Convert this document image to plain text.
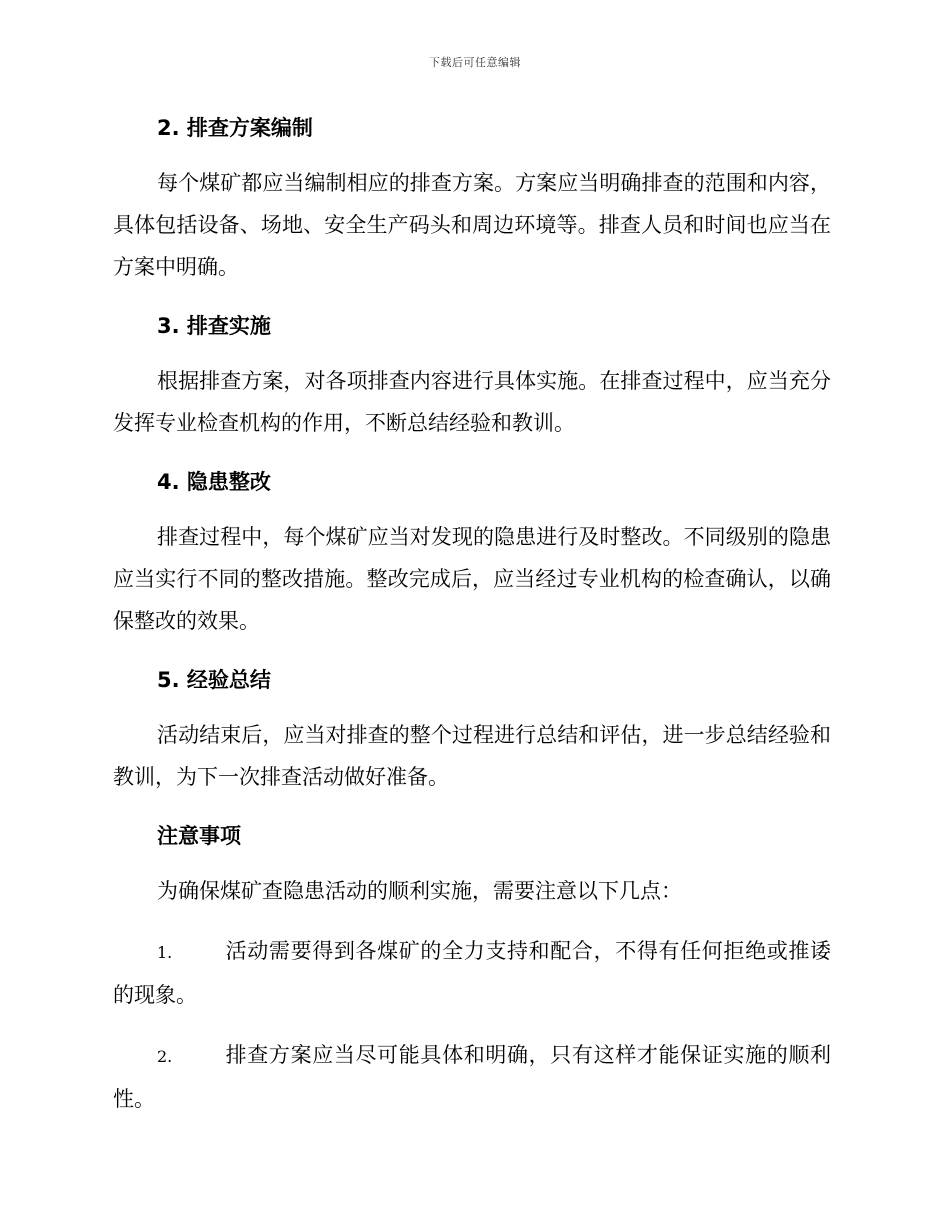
下载后可任意编辑
2. 排查方案编制

每个煤矿都应当编制相应的排查方案。方案应当明确排查的范围和内容，具体包括设备、场地、安全生产码头和周边环境等。排查人员和时间也应当在方案中明确。

3. 排查实施

根据排查方案，对各项排查内容进行具体实施。在排查过程中，应当充分发挥专业检查机构的作用，不断总结经验和教训。

4. 隐患整改

排查过程中，每个煤矿应当对发现的隐患进行及时整改。不同级别的隐患应当实行不同的整改措施。整改完成后，应当经过专业机构的检查确认，以确保整改的效果。

5. 经验总结

活动结束后，应当对排查的整个过程进行总结和评估，进一步总结经验和教训，为下一次排查活动做好准备。

注意事项

为确保煤矿查隐患活动的顺利实施，需要注意以下几点：

1.	活动需要得到各煤矿的全力支持和配合，不得有任何拒绝或推诿的现象。

2.	排查方案应当尽可能具体和明确，只有这样才能保证实施的顺利性。
